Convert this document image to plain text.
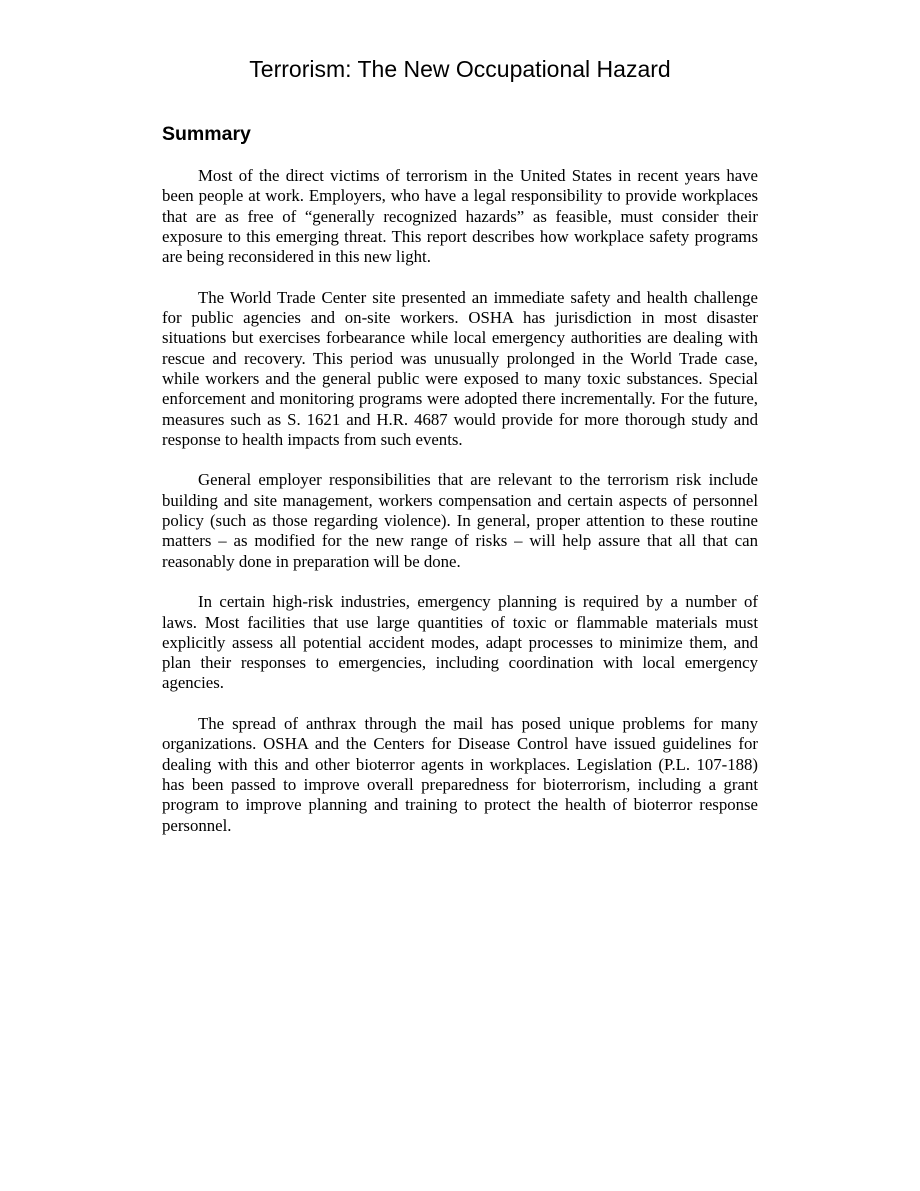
Terrorism: The New Occupational Hazard
Summary

Most of the direct victims of terrorism in the United States in recent years have been people at work. Employers, who have a legal responsibility to provide workplaces that are as free of “generally recognized hazards” as feasible, must consider their exposure to this emerging threat. This report describes how workplace safety programs are being reconsidered in this new light.

The World Trade Center site presented an immediate safety and health challenge for public agencies and on-site workers. OSHA has jurisdiction in most disaster situations but exercises forbearance while local emergency authorities are dealing with rescue and recovery. This period was unusually prolonged in the World Trade case, while workers and the general public were exposed to many toxic substances. Special enforcement and monitoring programs were adopted there incrementally. For the future, measures such as S. 1621 and H.R. 4687 would provide for more thorough study and response to health impacts from such events.

General employer responsibilities that are relevant to the terrorism risk include building and site management, workers compensation and certain aspects of personnel policy (such as those regarding violence). In general, proper attention to these routine matters – as modified for the new range of risks – will help assure that all that can reasonably done in preparation will be done.

In certain high-risk industries, emergency planning is required by a number of laws. Most facilities that use large quantities of toxic or flammable materials must explicitly assess all potential accident modes, adapt processes to minimize them, and plan their responses to emergencies, including coordination with local emergency agencies.

The spread of anthrax through the mail has posed unique problems for many organizations. OSHA and the Centers for Disease Control have issued guidelines for dealing with this and other bioterror agents in workplaces. Legislation (P.L. 107-188) has been passed to improve overall preparedness for bioterrorism, including a grant program to improve planning and training to protect the health of bioterror response personnel.
